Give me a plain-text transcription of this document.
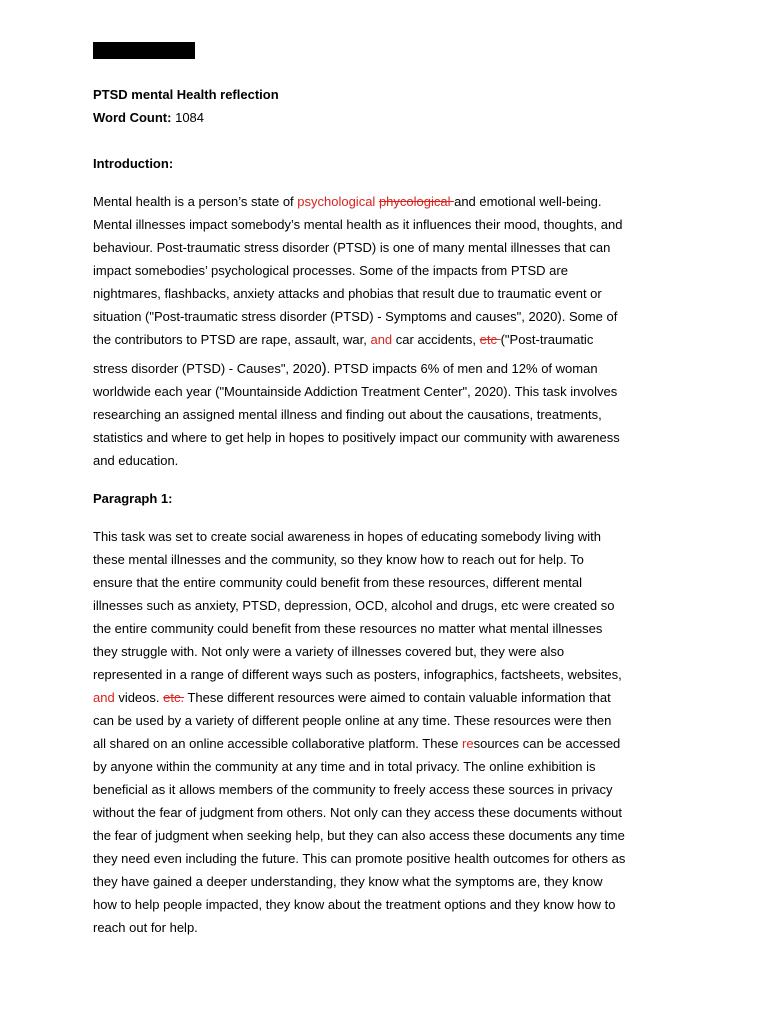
PTSD mental Health reflection
Word Count: 1084
Introduction:
Mental health is a person’s state of psychological phycological and emotional well-being.
Mental illnesses impact somebody’s mental health as it influences their mood, thoughts, and
behaviour. Post-traumatic stress disorder (PTSD) is one of many mental illnesses that can
impact somebodies’ psychological processes. Some of the impacts from PTSD are
nightmares, flashbacks, anxiety attacks and phobias that result due to traumatic event or
situation ("Post-traumatic stress disorder (PTSD) - Symptoms and causes", 2020). Some of
the contributors to PTSD are rape, assault, war, and car accidents, etc ("Post-traumatic
stress disorder (PTSD) - Causes", 2020). PTSD impacts 6% of men and 12% of woman
worldwide each year ("Mountainside Addiction Treatment Center", 2020). This task involves
researching an assigned mental illness and finding out about the causations, treatments,
statistics and where to get help in hopes to positively impact our community with awareness
and education.
Paragraph 1:
This task was set to create social awareness in hopes of educating somebody living with
these mental illnesses and the community, so they know how to reach out for help. To
ensure that the entire community could benefit from these resources, different mental
illnesses such as anxiety, PTSD, depression, OCD, alcohol and drugs, etc were created so
the entire community could benefit from these resources no matter what mental illnesses
they struggle with. Not only were a variety of illnesses covered but, they were also
represented in a range of different ways such as posters, infographics, factsheets, websites,
and videos. etc. These different resources were aimed to contain valuable information that
can be used by a variety of different people online at any time. These resources were then
all shared on an online accessible collaborative platform. These resources can be accessed
by anyone within the community at any time and in total privacy. The online exhibition is
beneficial as it allows members of the community to freely access these sources in privacy
without the fear of judgment from others. Not only can they access these documents without
the fear of judgment when seeking help, but they can also access these documents any time
they need even including the future. This can promote positive health outcomes for others as
they have gained a deeper understanding, they know what the symptoms are, they know
how to help people impacted, they know about the treatment options and they know how to
reach out for help.
